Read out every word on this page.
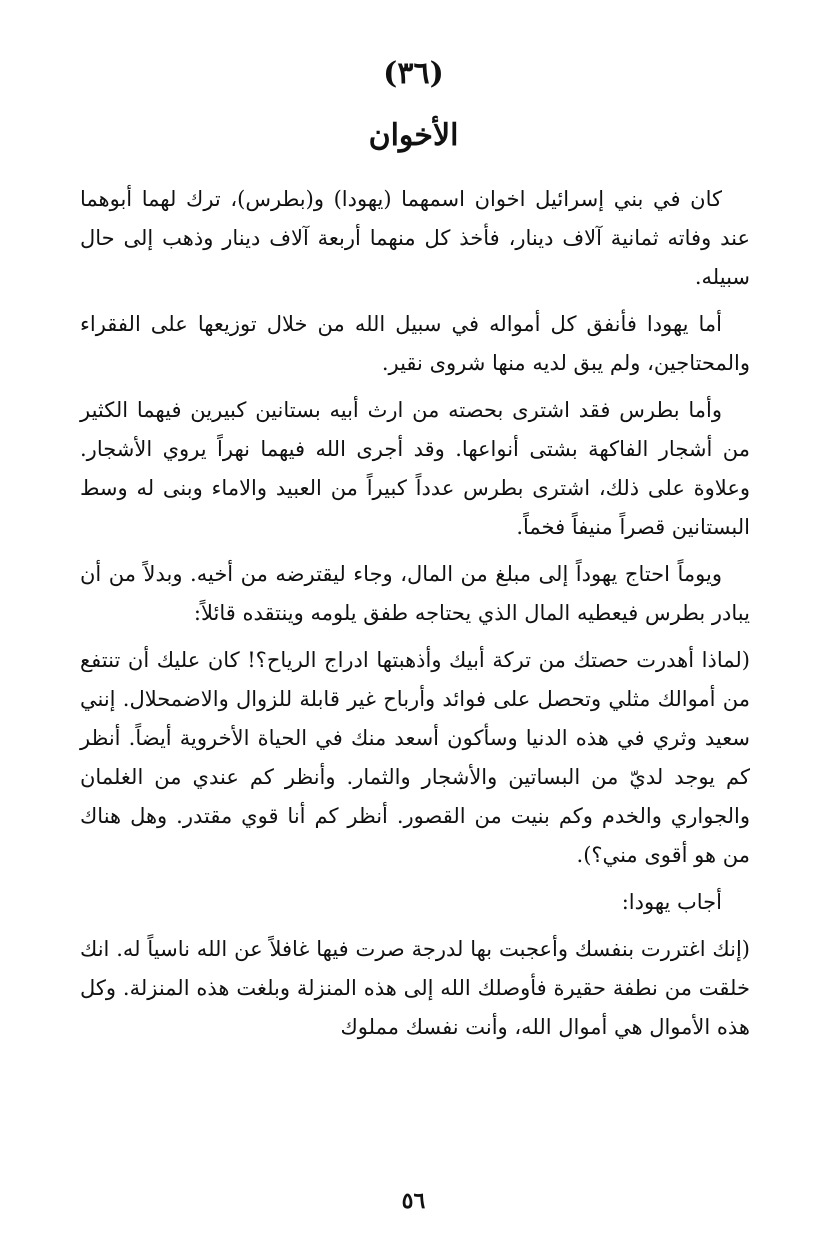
(٣٦)
الأخوان

كان في بني إسرائيل اخوان اسمهما (يهودا) و(بطرس)، ترك لهما أبوهما عند وفاته ثمانية آلاف دينار، فأخذ كل منهما أربعة آلاف دينار وذهب إلى حال سبيله.

أما يهودا فأنفق كل أمواله في سبيل الله من خلال توزيعها على الفقراء والمحتاجين، ولم يبق لديه منها شروى نقير.

وأما بطرس فقد اشترى بحصته من ارث أبيه بستانين كبيرين فيهما الكثير من أشجار الفاكهة بشتى أنواعها. وقد أجرى الله فيهما نهراً يروي الأشجار. وعلاوة على ذلك، اشترى بطرس عدداً كبيراً من العبيد والاماء وبنى له وسط البستانين قصراً منيفاً فخماً.

ويوماً احتاج يهوداً إلى مبلغ من المال، وجاء ليقترضه من أخيه. وبدلاً من أن يبادر بطرس فيعطيه المال الذي يحتاجه طفق يلومه وينتقده قائلاً:

(لماذا أهدرت حصتك من تركة أبيك وأذهبتها ادراج الرياح؟! كان عليك أن تنتفع من أموالك مثلي وتحصل على فوائد وأرباح غير قابلة للزوال والاضمحلال. إنني سعيد وثري في هذه الدنيا وسأكون أسعد منك في الحياة الأخروية أيضاً. أنظر كم يوجد لديّ من البساتين والأشجار والثمار. وأنظر كم عندي من الغلمان والجواري والخدم وكم بنيت من القصور. أنظر كم أنا قوي مقتدر. وهل هناك من هو أقوى مني؟).

أجاب يهودا:

(إنك اغتررت بنفسك وأعجبت بها لدرجة صرت فيها غافلاً عن الله ناسياً له. انك خلقت من نطفة حقيرة فأوصلك الله إلى هذه المنزلة وبلغت هذه المنزلة. وكل هذه الأموال هي أموال الله، وأنت نفسك مملوك

٥٦
